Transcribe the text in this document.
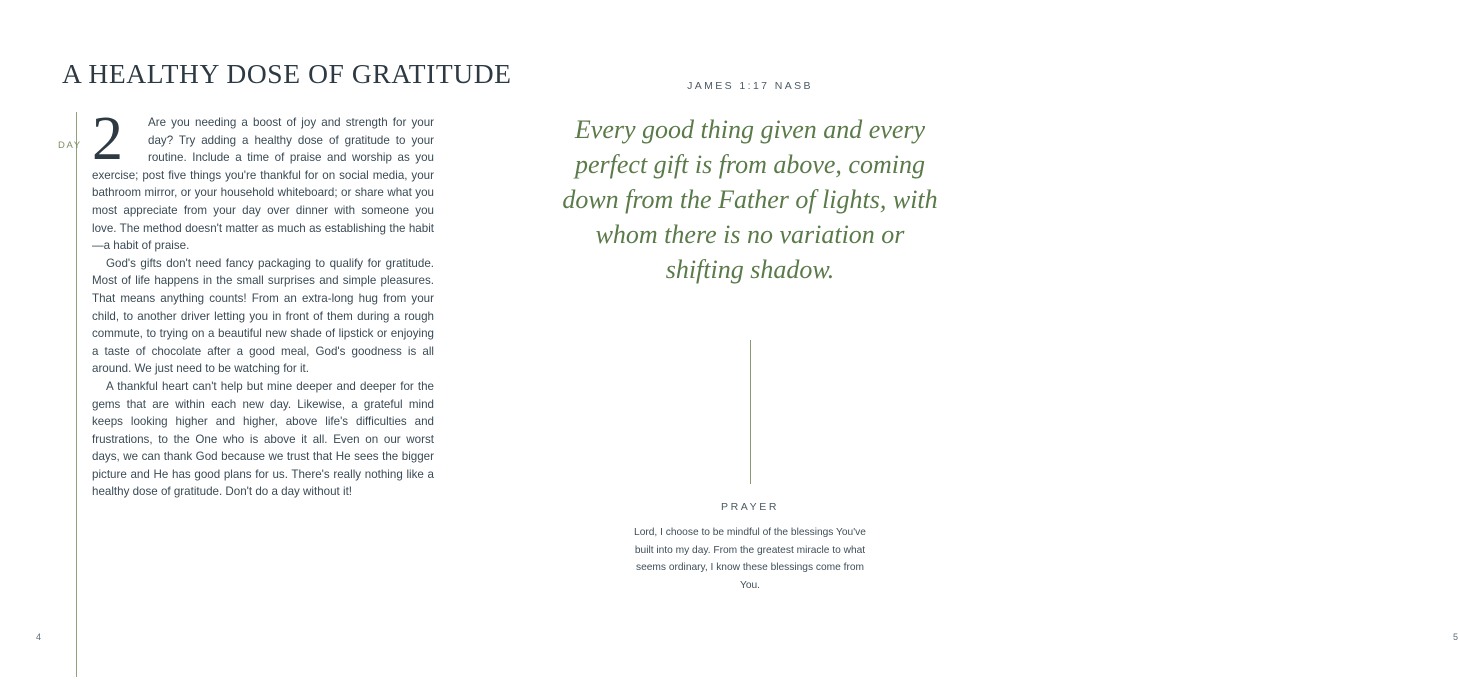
A HEALTHY DOSE OF GRATITUDE
DAY 2	Are you needing a boost of joy and strength for your day? Try adding a healthy dose of gratitude to your routine. Include a time of praise and worship as you exercise; post five things you're thankful for on social media, your bathroom mirror, or your household whiteboard; or share what you most appreciate from your day over dinner with someone you love. The method doesn't matter as much as establishing the habit—a habit of praise.

God's gifts don't need fancy packaging to qualify for gratitude. Most of life happens in the small surprises and simple pleasures. That means anything counts! From an extra-long hug from your child, to another driver letting you in front of them during a rough commute, to trying on a beautiful new shade of lipstick or enjoying a taste of chocolate after a good meal, God's goodness is all around. We just need to be watching for it.

A thankful heart can't help but mine deeper and deeper for the gems that are within each new day. Likewise, a grateful mind keeps looking higher and higher, above life's difficulties and frustrations, to the One who is above it all. Even on our worst days, we can thank God because we trust that He sees the bigger picture and He has good plans for us. There's really nothing like a healthy dose of gratitude. Don't do a day without it!

4
JAMES 1:17 NASB
Every good thing given and every perfect gift is from above, coming down from the Father of lights, with whom there is no variation or shifting shadow.
PRAYER
Lord, I choose to be mindful of the blessings You've built into my day. From the greatest miracle to what seems ordinary, I know these blessings come from You.
5
